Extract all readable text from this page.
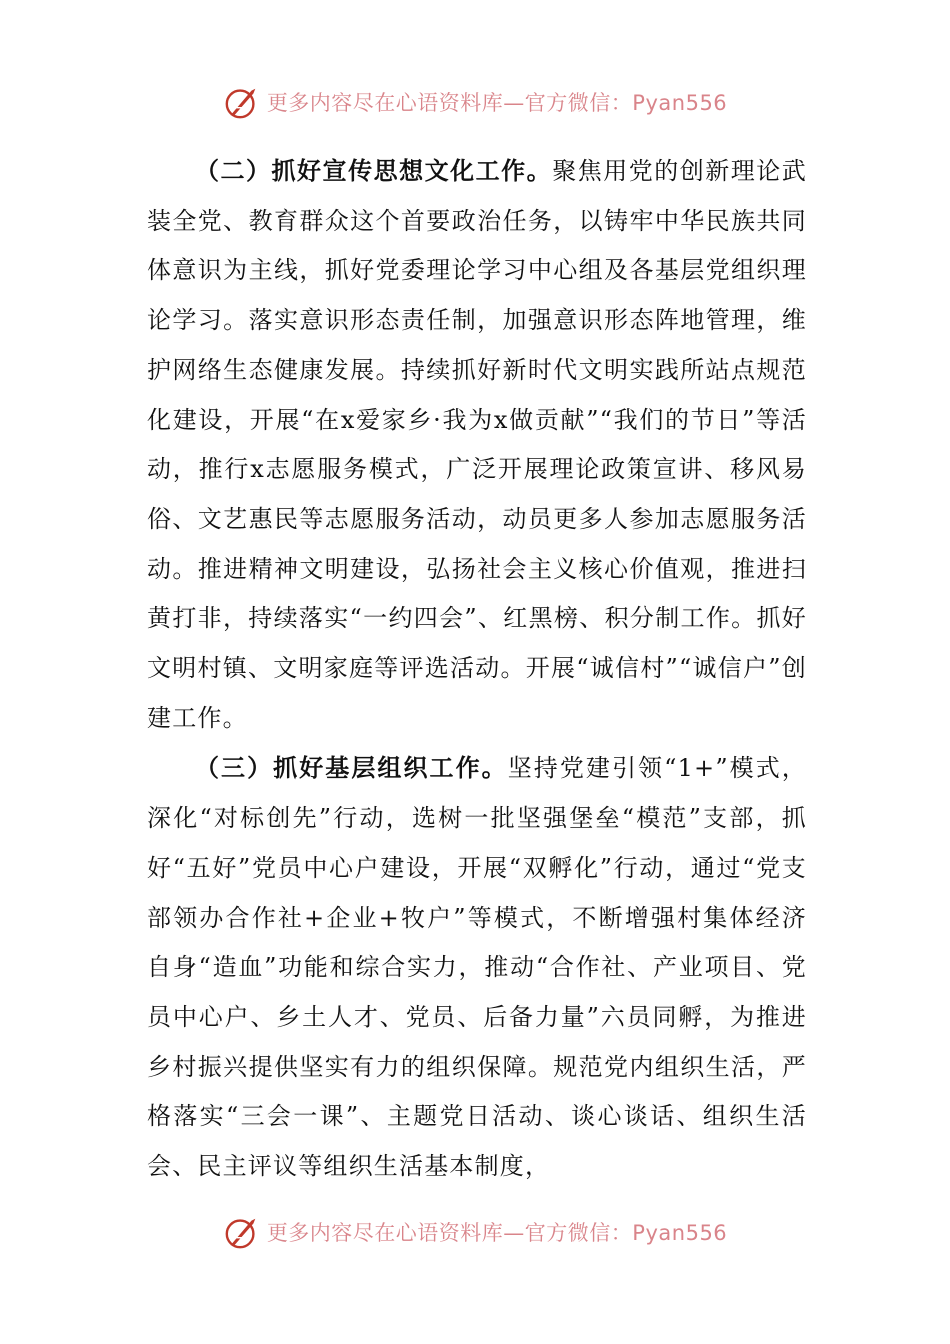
更多内容尽在心语资料库—官方微信：Pyan556

（二）抓好宣传思想文化工作。聚焦用党的创新理论武装全党、教育群众这个首要政治任务，以铸牢中华民族共同体意识为主线，抓好党委理论学习中心组及各基层党组织理论学习。落实意识形态责任制，加强意识形态阵地管理，维护网络生态健康发展。持续抓好新时代文明实践所站点规范化建设，开展“在x爱家乡·我为x做贡献”“我们的节日”等活动，推行x志愿服务模式，广泛开展理论政策宣讲、移风易俗、文艺惠民等志愿服务活动，动员更多人参加志愿服务活动。推进精神文明建设，弘扬社会主义核心价值观，推进扫黄打非，持续落实“一约四会”、红黑榜、积分制工作。抓好文明村镇、文明家庭等评选活动。开展“诚信村”“诚信户”创建工作。

（三）抓好基层组织工作。坚持党建引领“1+”模式，深化“对标创先”行动，选树一批坚强堡垒“模范”支部，抓好“五好”党员中心户建设，开展“双孵化”行动，通过“党支部领办合作社+企业+牧户”等模式，不断增强村集体经济自身“造血”功能和综合实力，推动“合作社、产业项目、党员中心户、乡土人才、党员、后备力量”六员同孵，为推进乡村振兴提供坚实有力的组织保障。规范党内组织生活，严格落实“三会一课”、主题党日活动、谈心谈话、组织生活会、民主评议等组织生活基本制度，

更多内容尽在心语资料库—官方微信：Pyan556
